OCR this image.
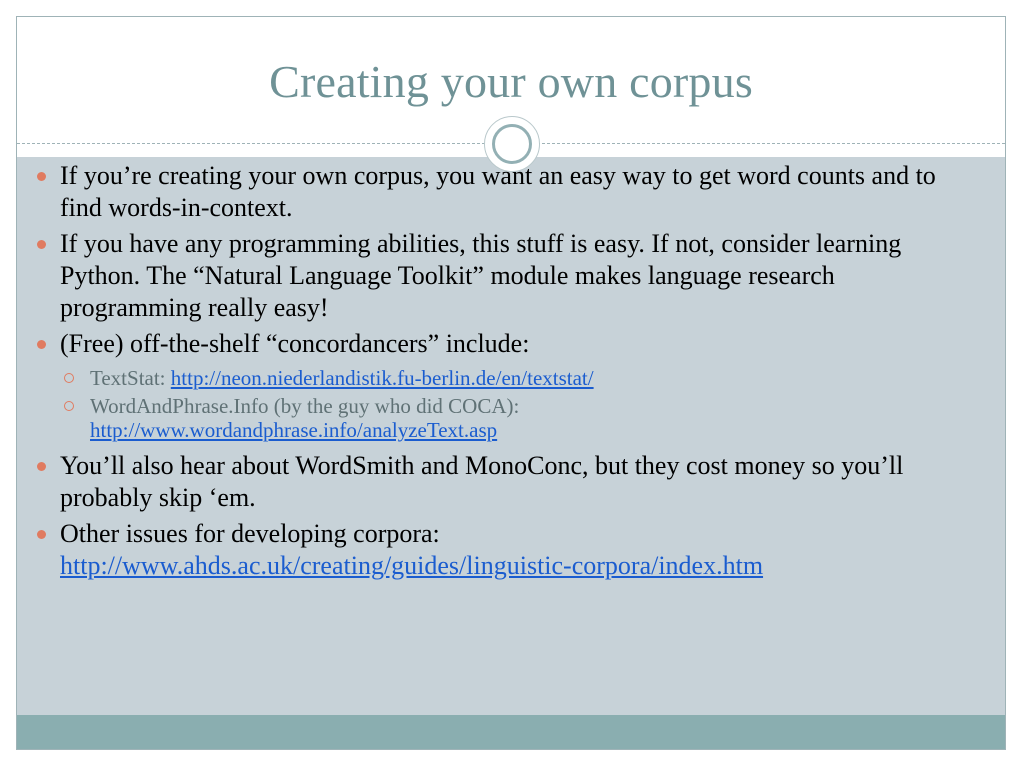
Creating your own corpus
If you’re creating your own corpus, you want an easy way to get word counts and to find words-in-context.
If you have any programming abilities, this stuff is easy. If not, consider learning Python. The “Natural Language Toolkit” module makes language research programming really easy!
(Free) off-the-shelf “concordancers” include:
TextStat: http://neon.niederlandistik.fu-berlin.de/en/textstat/
WordAndPhrase.Info (by the guy who did COCA):
http://www.wordandphrase.info/analyzeText.asp
You’ll also hear about WordSmith and MonoConc, but they cost money so you’ll probably skip ‘em.
Other issues for developing corpora:
http://www.ahds.ac.uk/creating/guides/linguistic-corpora/index.htm
